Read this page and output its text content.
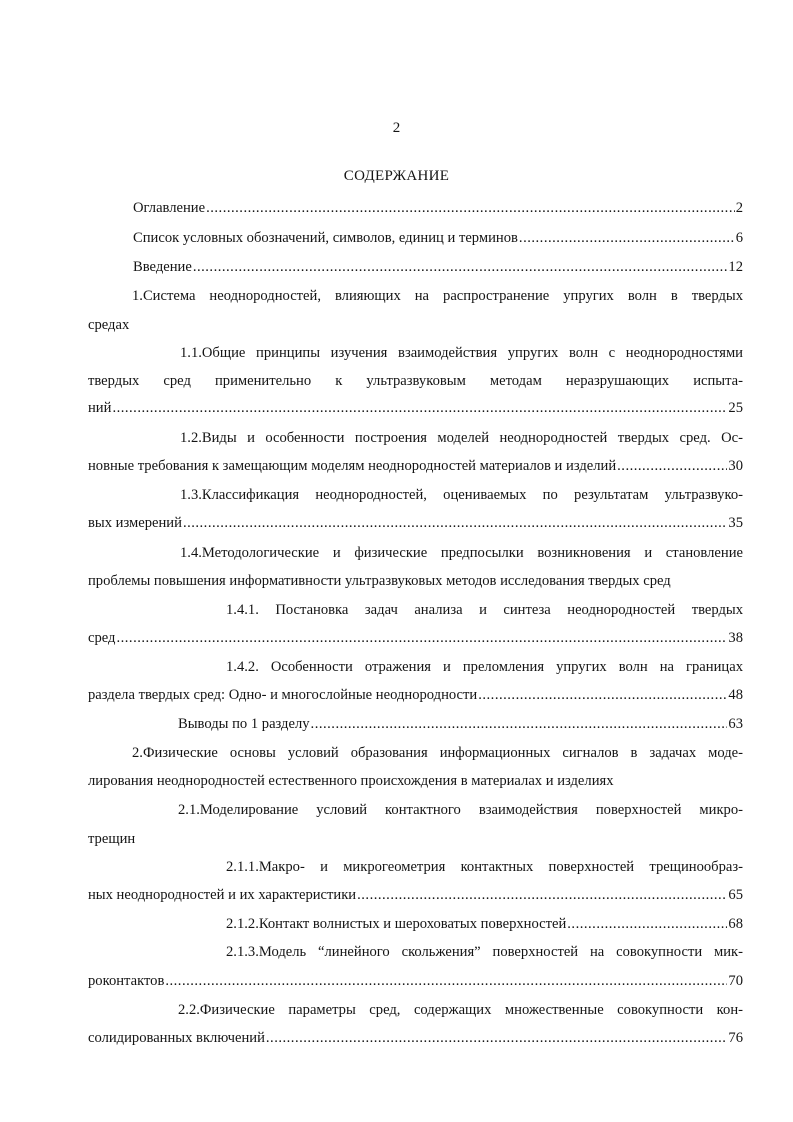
2
СОДЕРЖАНИЕ
Оглавление .....	2
Список условных обозначений, символов, единиц и терминов .....	6
Введение .....	12
1.Система неоднородностей, влияющих на распространение упругих волн в твердых
средах
1.1.Общие принципы изучения взаимодействия упругих волн с неоднородностями
твердых сред применительно к ультразвуковым методам неразрушающих испыта-
ний .....	25
1.2.Виды и особенности построения моделей неоднородностей твердых сред. Ос-
новные требования к замещающим моделям неоднородностей материалов и изделий .....	30
1.3.Классификация неоднородностей, оцениваемых по результатам ультразвуко-
вых измерений .....	35
1.4.Методологические и физические предпосылки возникновения и становление
проблемы повышения информативности ультразвуковых методов исследования твердых сред
1.4.1. Постановка задач анализа и синтеза неоднородностей твердых
сред .....	38
1.4.2. Особенности отражения и преломления упругих волн на границах
раздела твердых сред: Одно- и многослойные неоднородности .....	48
Выводы по 1 разделу .....	63
2.Физические основы условий образования информационных сигналов в задачах моде-
лирования неоднородностей естественного происхождения в материалах и изделиях
2.1.Моделирование условий контактного взаимодействия поверхностей микро-
трещин
2.1.1.Макро- и микрогеометрия контактных поверхностей трещинообраз-
ных неоднородностей и их характеристики .....	65
2.1.2.Контакт волнистых и шероховатых поверхностей .....	68
2.1.3.Модель “линейного скольжения” поверхностей на совокупности мик-
роконтактов .....	70
2.2.Физические параметры сред, содержащих множественные совокупности кон-
солидированных включений .....	76
